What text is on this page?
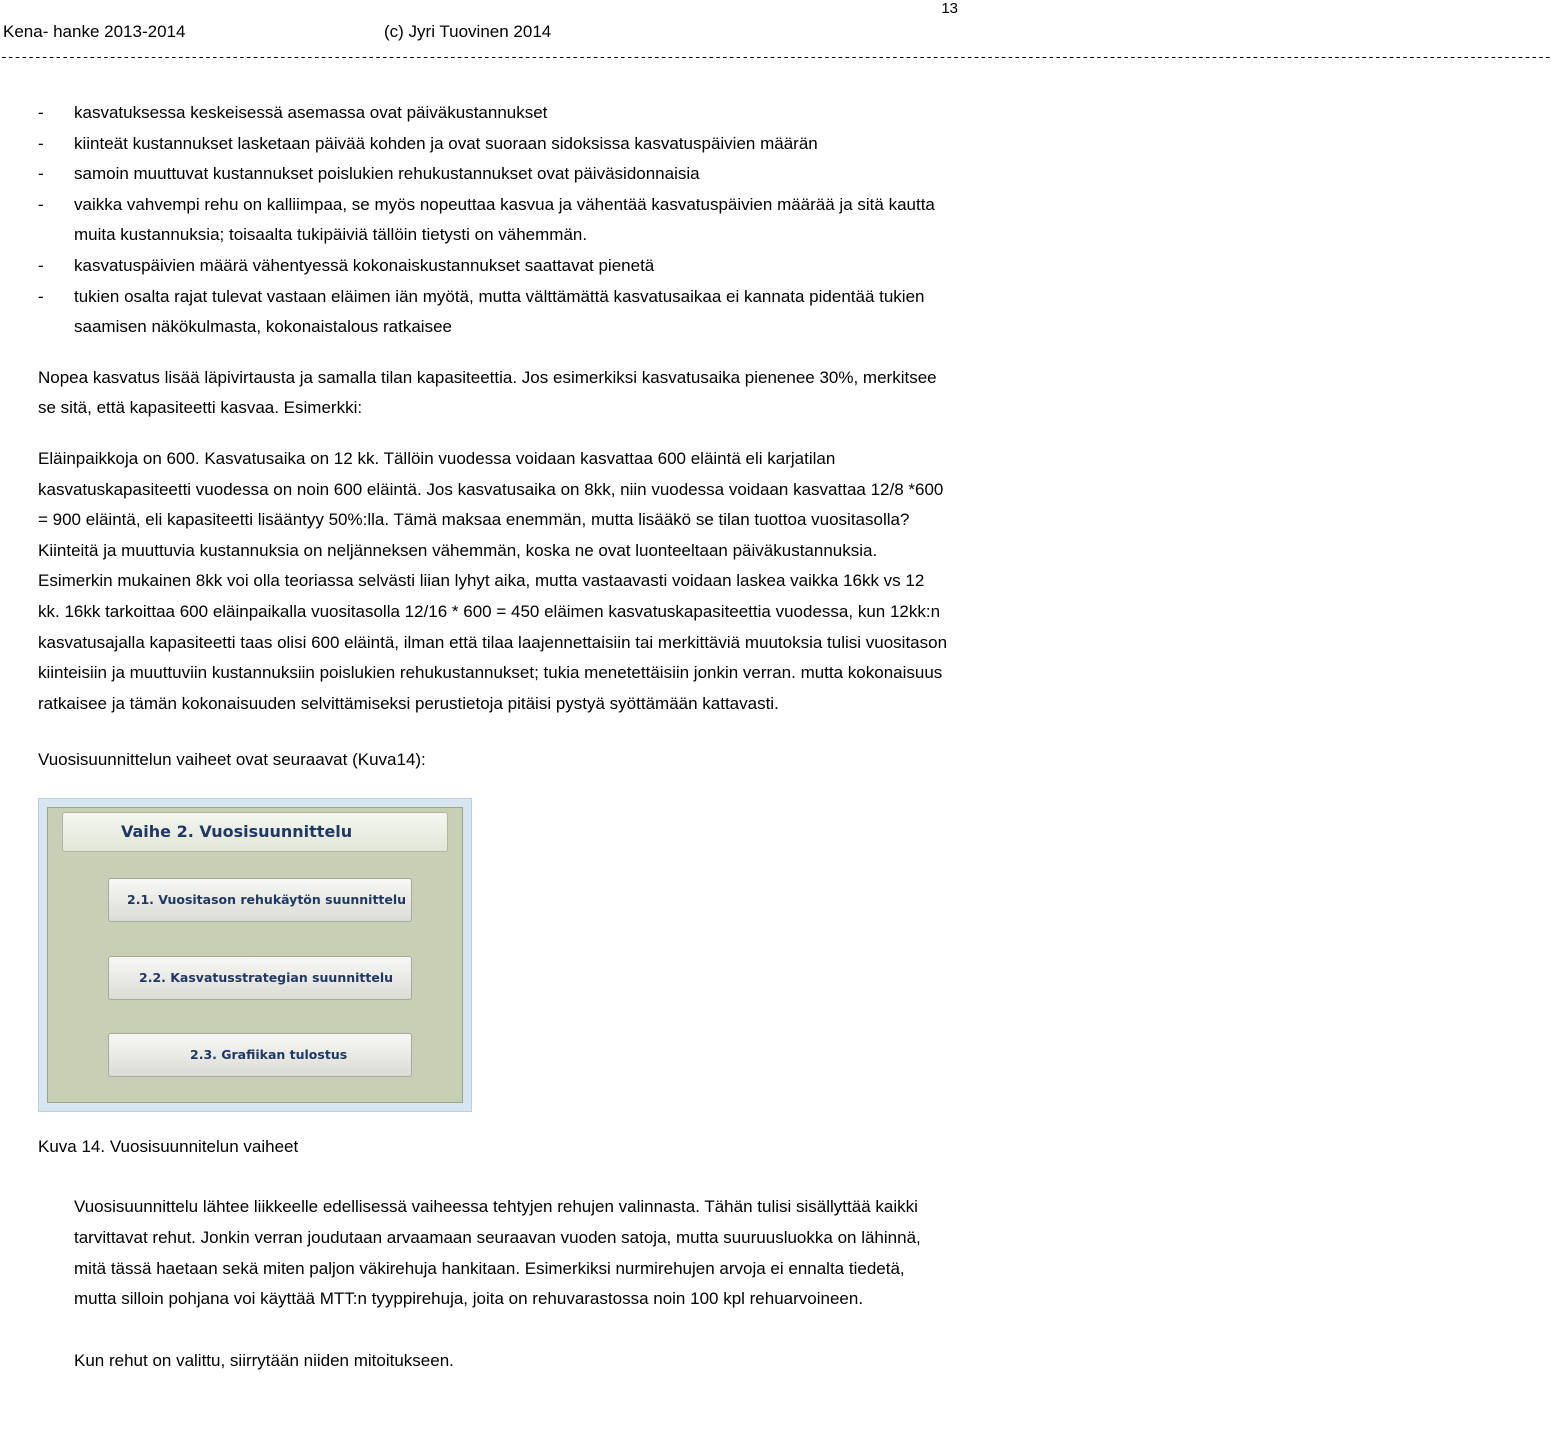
13
Kena- hanke 2013-2014	(c) Jyri Tuovinen 2014
------------------------------------------------------------------------------------------------------------------------------------------------------------------------------------------------------------------------------------
- kasvatuksessa keskeisessä asemassa ovat päiväkustannukset
- kiinteät kustannukset lasketaan päivää kohden ja ovat suoraan sidoksissa kasvatuspäivien määrän
- samoin muuttuvat kustannukset poislukien rehukustannukset ovat päiväsidonnaisia
- vaikka vahvempi rehu on kalliimpaa, se myös nopeuttaa kasvua ja vähentää kasvatuspäivien määrää ja sitä kautta muita kustannuksia; toisaalta tukipäiviä tällöin tietysti on vähemmän.
- kasvatuspäivien määrä vähentyessä kokonaiskustannukset saattavat pienetä
- tukien osalta rajat tulevat vastaan eläimen iän myötä, mutta välttämättä kasvatusaikaa ei kannata pidentää tukien saamisen näkökulmasta, kokonaistalous ratkaisee

Nopea kasvatus lisää läpivirtausta ja samalla tilan kapasiteettia. Jos esimerkiksi kasvatusaika pienenee 30%, merkitsee se sitä, että kapasiteetti kasvaa. Esimerkki:

Eläinpaikkoja on 600. Kasvatusaika on 12 kk. Tällöin vuodessa voidaan kasvattaa 600 eläintä eli karjatilan kasvatuskapasiteetti vuodessa on noin 600 eläintä. Jos kasvatusaika on 8kk, niin vuodessa voidaan kasvattaa 12/8 *600 = 900 eläintä, eli kapasiteetti lisääntyy 50%:lla. Tämä maksaa enemmän, mutta lisääkö se tilan tuottoa vuositasolla? Kiinteitä ja muuttuvia kustannuksia on neljänneksen vähemmän, koska ne ovat luonteeltaan päiväkustannuksia. Esimerkin mukainen 8kk voi olla teoriassa selvästi liian lyhyt aika, mutta vastaavasti voidaan laskea vaikka 16kk vs 12 kk. 16kk tarkoittaa 600 eläinpaikalla vuositasolla 12/16 * 600 = 450 eläimen kasvatuskapasiteettia vuodessa, kun 12kk:n kasvatusajalla kapasiteetti taas olisi 600 eläintä, ilman että tilaa laajennettaisiin tai merkittäviä muutoksia tulisi vuositason kiinteisiin ja muuttuviin kustannuksiin poislukien rehukustannukset; tukia menetettäisiin jonkin verran. mutta kokonaisuus ratkaisee ja tämän kokonaisuuden selvittämiseksi perustietoja pitäisi pystyä syöttämään kattavasti.

Vuosisuunnittelun vaiheet ovat seuraavat (Kuva14):

Vaihe 2. Vuosisuunnittelu
2.1. Vuositason rehukäytön suunnittelu
2.2. Kasvatusstrategian suunnittelu
2.3. Grafiikan tulostus

Kuva 14. Vuosisuunnitelun vaiheet

Vuosisuunnittelu lähtee liikkeelle edellisessä vaiheessa tehtyjen rehujen valinnasta. Tähän tulisi sisällyttää kaikki tarvittavat rehut. Jonkin verran joudutaan arvaamaan seuraavan vuoden satoja, mutta suuruusluokka on lähinnä, mitä tässä haetaan sekä miten paljon väkirehuja hankitaan. Esimerkiksi nurmirehujen arvoja ei ennalta tiedetä, mutta silloin pohjana voi käyttää MTT:n tyyppirehuja, joita on rehuvarastossa noin 100 kpl rehuarvoineen.

Kun rehut on valittu, siirrytään niiden mitoitukseen.
